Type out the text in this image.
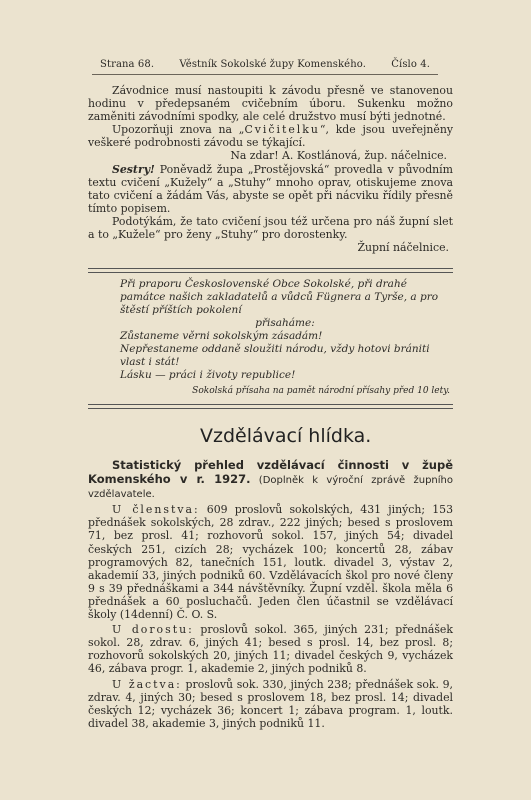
Strana 68.	Věstník Sokolské župy Komenského.	Číslo 4.

Závodnice musí nastoupiti k závodu přesně ve stanovenou hodinu v předepsaném cvičebním úboru. Sukenku možno zaměniti závodními spodky, ale celé družstvo musí býti jednotné.

Upozorňuji znova na „Cvičitelku“, kde jsou uveřejněny veškeré podrobnosti závodu se týkající.

Na zdar! A. Kostlánová, žup. náčelnice.

Sestry! Poněvadž župa „Prostějovská“ provedla v původním textu cvičení „Kužely“ a „Stuhy“ mnoho oprav, otiskujeme znova tato cvičení a žádám Vás, abyste se opět při nácviku řídily přesně tímto popisem.

Podotýkám, že tato cvičení jsou též určena pro náš župní slet a to „Kužele“ pro ženy „Stuhy“ pro dorostenky.

Župní náčelnice.

Při praporu Československé Obce Sokolské, při drahé památce našich zakladatelů a vůdců Fügnera a Tyrše, a pro štěstí příštích pokolení

přisaháme:

Zůstaneme věrni sokolským zásadám!

Nepřestaneme oddaně sloužiti národu, vždy hotovi brániti vlast i stát!

Lásku — práci i životy republice!

Sokolská přísaha na pamět národní přísahy před 10 lety.

Vzdělávací hlídka.

Statistický přehled vzdělávací činnosti v župě Komenského v r. 1927. (Doplněk k výroční zprávě župního vzdělavatele.

U členstva: 609 proslovů sokolských, 431 jiných; 153 přednášek sokolských, 28 zdrav., 222 jiných; besed s proslovem 71, bez prosl. 41; rozhovorů sokol. 157, jiných 54; divadel českých 251, cizích 28; vycházek 100; koncertů 28, zábav programových 82, tanečních 151, loutk. divadel 3, výstav 2, akademií 33, jiných podniků 60. Vzdělávacích škol pro nové členy 9 s 39 přednáškami a 344 návštěvníky. Župní vzděl. škola měla 6 přednášek a 60 posluchačů. Jeden člen účastnil se vzdělávací školy (14denní) Č. O. S.

U dorostu: proslovů sokol. 365, jiných 231; přednášek sokol. 28, zdrav. 6, jiných 41; besed s prosl. 14, bez prosl. 8; rozhovorů sokolských 20, jiných 11; divadel českých 9, vycházek 46, zábava progr. 1, akademie 2, jiných podniků 8.

U žactva: proslovů sok. 330, jiných 238; přednášek sok. 9, zdrav. 4, jiných 30; besed s proslovem 18, bez prosl. 14; divadel českých 12; vycházek 36; koncert 1; zábava program. 1, loutk. divadel 38, akademie 3, jiných podniků 11.
